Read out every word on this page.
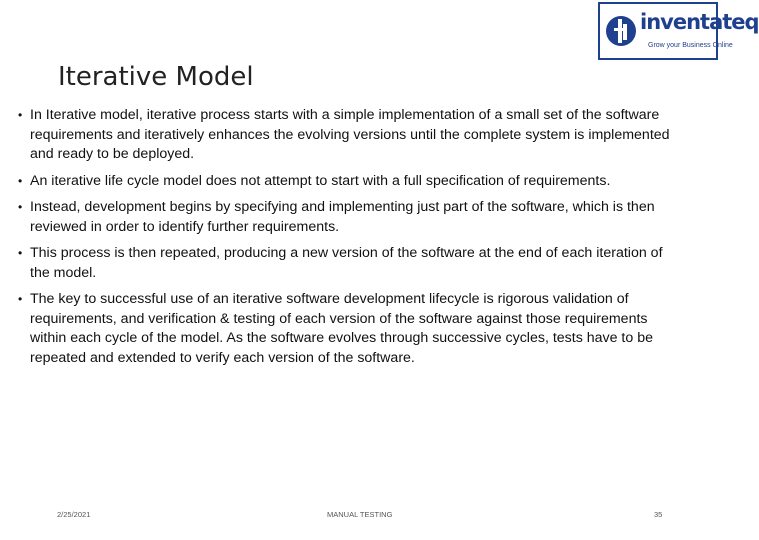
inventateq
Grow your Business Online
Iterative Model
• In Iterative model, iterative process starts with a simple implementation of a small set of the software requirements and iteratively enhances the evolving versions until the complete system is implemented and ready to be deployed.
• An iterative life cycle model does not attempt to start with a full specification of requirements.
• Instead, development begins by specifying and implementing just part of the software, which is then reviewed in order to identify further requirements.
• This process is then repeated, producing a new version of the software at the end of each iteration of the model.
• The key to successful use of an iterative software development lifecycle is rigorous validation of requirements, and verification & testing of each version of the software against those requirements within each cycle of the model. As the software evolves through successive cycles, tests have to be repeated and extended to verify each version of the software.
2/25/2021	MANUAL TESTING	35
